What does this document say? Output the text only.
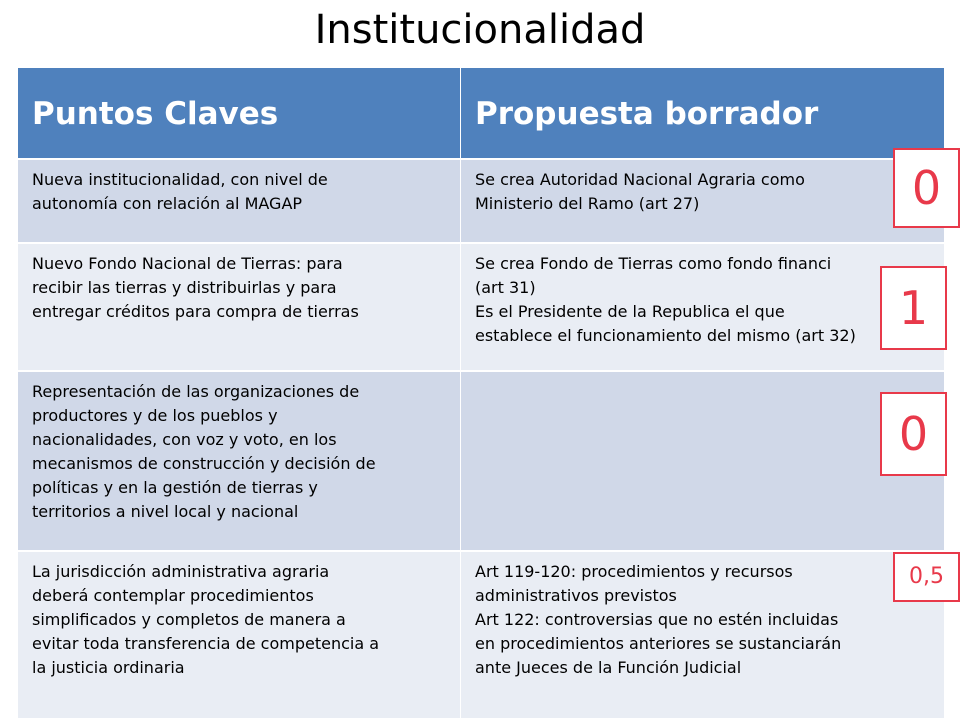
Institucionalidad
Puntos Claves	Propuesta borrador
Nueva institucionalidad, con nivel de
autonomía con relación al MAGAP
Se crea Autoridad Nacional Agraria como
Ministerio del Ramo (art 27)
Nuevo Fondo Nacional de Tierras: para
recibir las tierras y distribuirlas y para
entregar créditos para compra de tierras
Se crea Fondo de Tierras como fondo financi
(art 31)
Es el Presidente de la Republica el que
establece el funcionamiento del mismo (art 32)
Representación de las organizaciones de
productores y de los pueblos y
nacionalidades, con voz y voto, en los
mecanismos de construcción y decisión de
políticas y en la gestión de tierras y
territorios a nivel local y nacional
La jurisdicción administrativa agraria
deberá contemplar procedimientos
simplificados y completos de manera a
evitar toda transferencia de competencia a
la justicia ordinaria
Art 119-120: procedimientos y recursos
administrativos previstos
Art 122: controversias que no estén incluidas
en procedimientos anteriores se sustanciarán
ante Jueces de la Función Judicial
0
1
0
0,5
